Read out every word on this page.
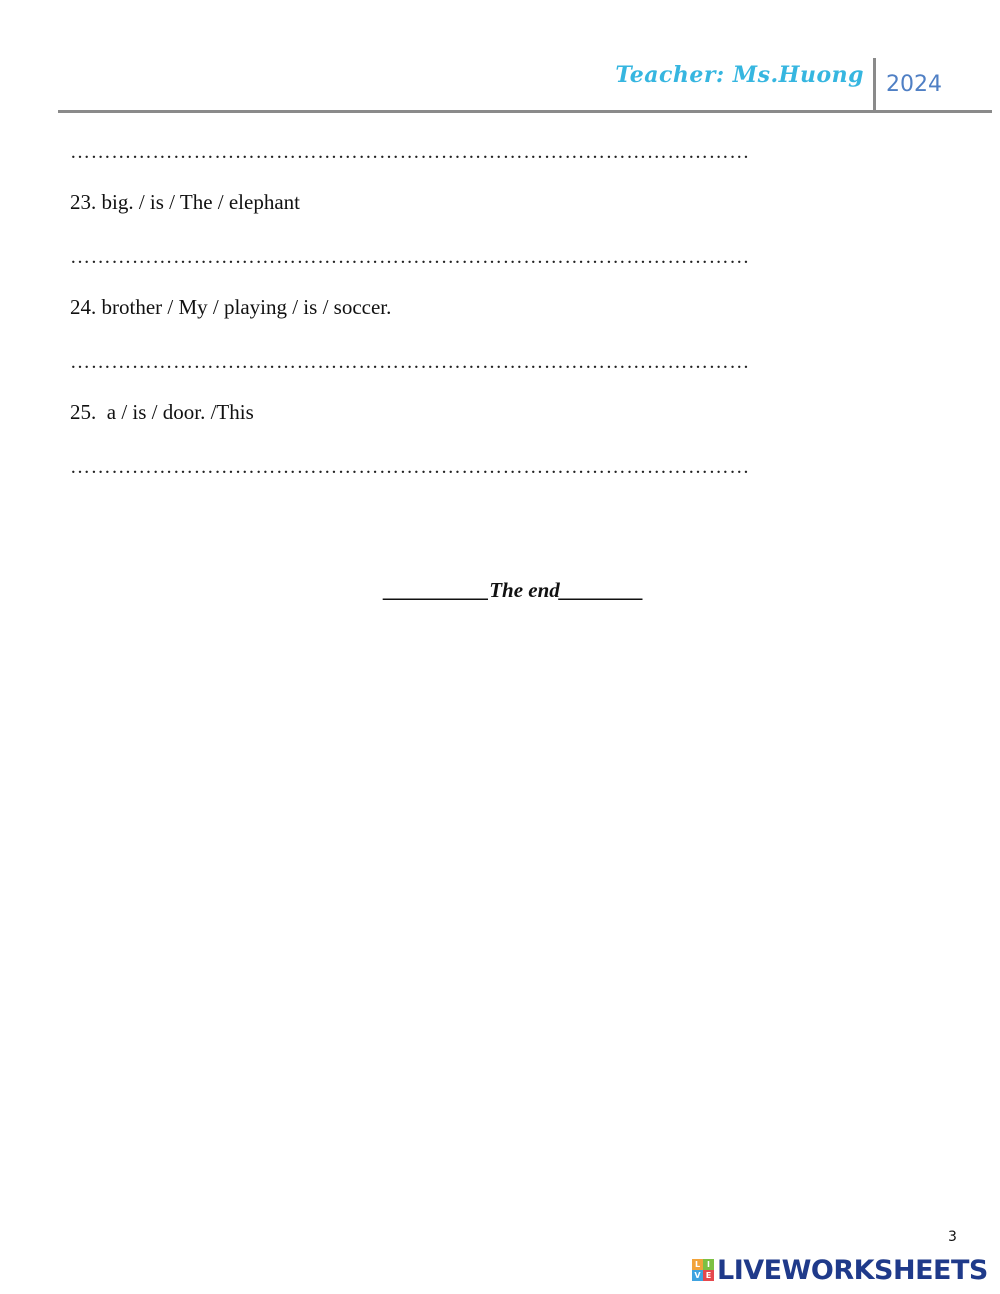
Teacher: Ms.Huong 2024
………………………………………………………………………………………
23. big. / is / The / elephant
………………………………………………………………………………………
24. brother / My / playing / is / soccer.
………………………………………………………………………………………
25.  a / is / door. /This
………………………………………………………………………………………
__________The end________
3
L I
V E LIVEWORKSHEETS
